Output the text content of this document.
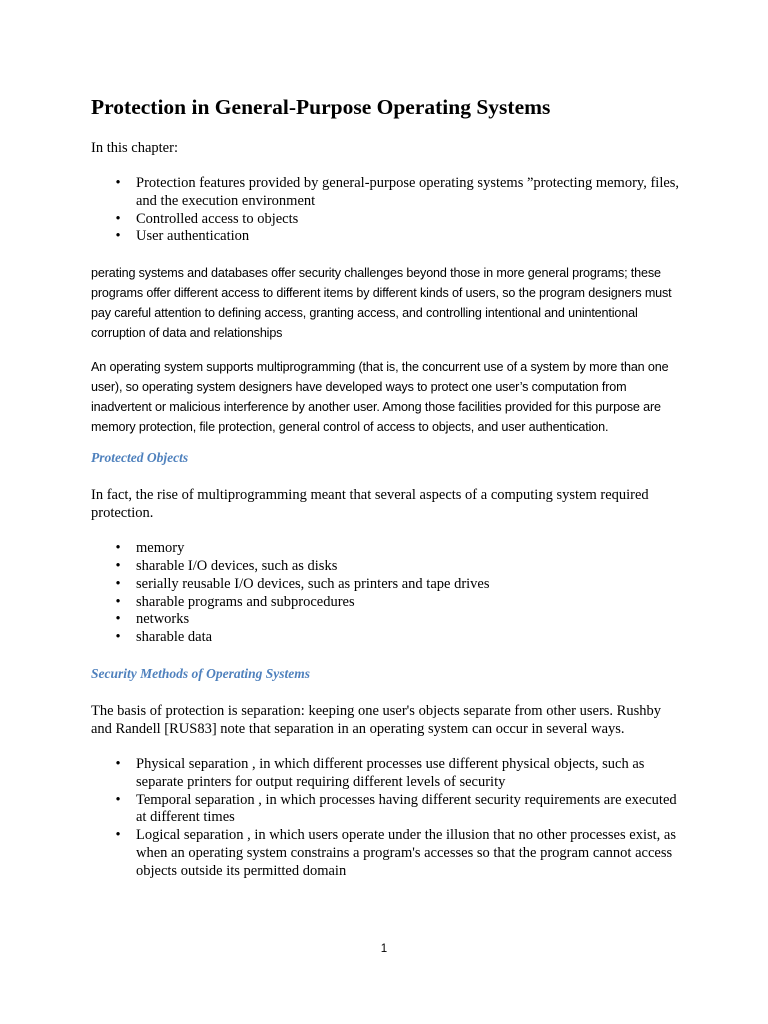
Protection in General-Purpose Operating Systems

In this chapter:

• Protection features provided by general-purpose operating systems ”protecting memory, files, and the execution environment
• Controlled access to objects
• User authentication

perating systems and databases offer security challenges beyond those in more general programs; these programs offer different access to different items by different kinds of users, so the program designers must pay careful attention to defining access, granting access, and controlling intentional and unintentional corruption of data and relationships

An operating system supports multiprogramming (that is, the concurrent use of a system by more than one user), so operating system designers have developed ways to protect one user’s computation from inadvertent or malicious interference by another user. Among those facilities provided for this purpose are memory protection, file protection, general control of access to objects, and user authentication.

Protected Objects

In fact, the rise of multiprogramming meant that several aspects of a computing system required protection.

• memory
• sharable I/O devices, such as disks
• serially reusable I/O devices, such as printers and tape drives
• sharable programs and subprocedures
• networks
• sharable data

Security Methods of Operating Systems

The basis of protection is separation: keeping one user's objects separate from other users. Rushby and Randell [RUS83] note that separation in an operating system can occur in several ways.

• Physical separation , in which different processes use different physical objects, such as separate printers for output requiring different levels of security
• Temporal separation , in which processes having different security requirements are executed at different times
• Logical separation , in which users operate under the illusion that no other processes exist, as when an operating system constrains a program's accesses so that the program cannot access objects outside its permitted domain
1
